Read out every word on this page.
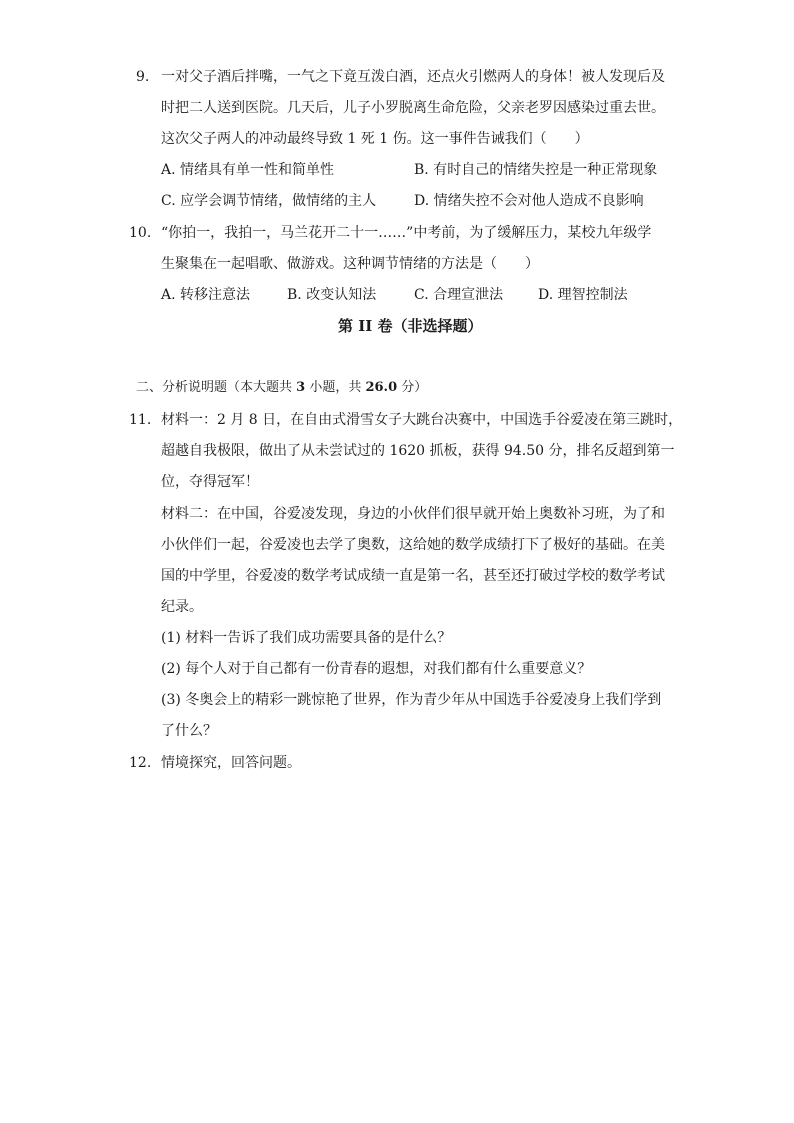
9. 一对父子酒后拌嘴，一气之下竟互泼白酒，还点火引燃两人的身体！被人发现后及
时把二人送到医院。几天后，儿子小罗脱离生命危险，父亲老罗因感染过重去世。
这次父子两人的冲动最终导致 1 死 1 伤。这一事件告诫我们（　　）
A. 情绪具有单一性和简单性	B. 有时自己的情绪失控是一种正常现象
C. 应学会调节情绪，做情绪的主人	D. 情绪失控不会对他人造成不良影响
10. “你拍一，我拍一，马兰花开二十一……”中考前，为了缓解压力，某校九年级学
生聚集在一起唱歌、做游戏。这种调节情绪的方法是（　　）
A. 转移注意法	B. 改变认知法	C. 合理宣泄法 D. 理智控制法
第 II 卷（非选择题）
二、分析说明题（本大题共 3 小题，共 26.0 分）
11. 材料一：2 月 8 日，在自由式滑雪女子大跳台决赛中，中国选手谷爱凌在第三跳时，
超越自我极限，做出了从未尝试过的 1620 抓板，获得 94.50 分，排名反超到第一
位，夺得冠军！
材料二：在中国，谷爱凌发现，身边的小伙伴们很早就开始上奥数补习班，为了和
小伙伴们一起，谷爱凌也去学了奥数，这给她的数学成绩打下了极好的基础。在美
国的中学里，谷爱凌的数学考试成绩一直是第一名，甚至还打破过学校的数学考试
纪录。
(1) 材料一告诉了我们成功需要具备的是什么？
(2) 每个人对于自己都有一份青春的遐想，对我们都有什么重要意义？
(3) 冬奥会上的精彩一跳惊艳了世界，作为青少年从中国选手谷爱凌身上我们学到
了什么？
12. 情境探究，回答问题。
